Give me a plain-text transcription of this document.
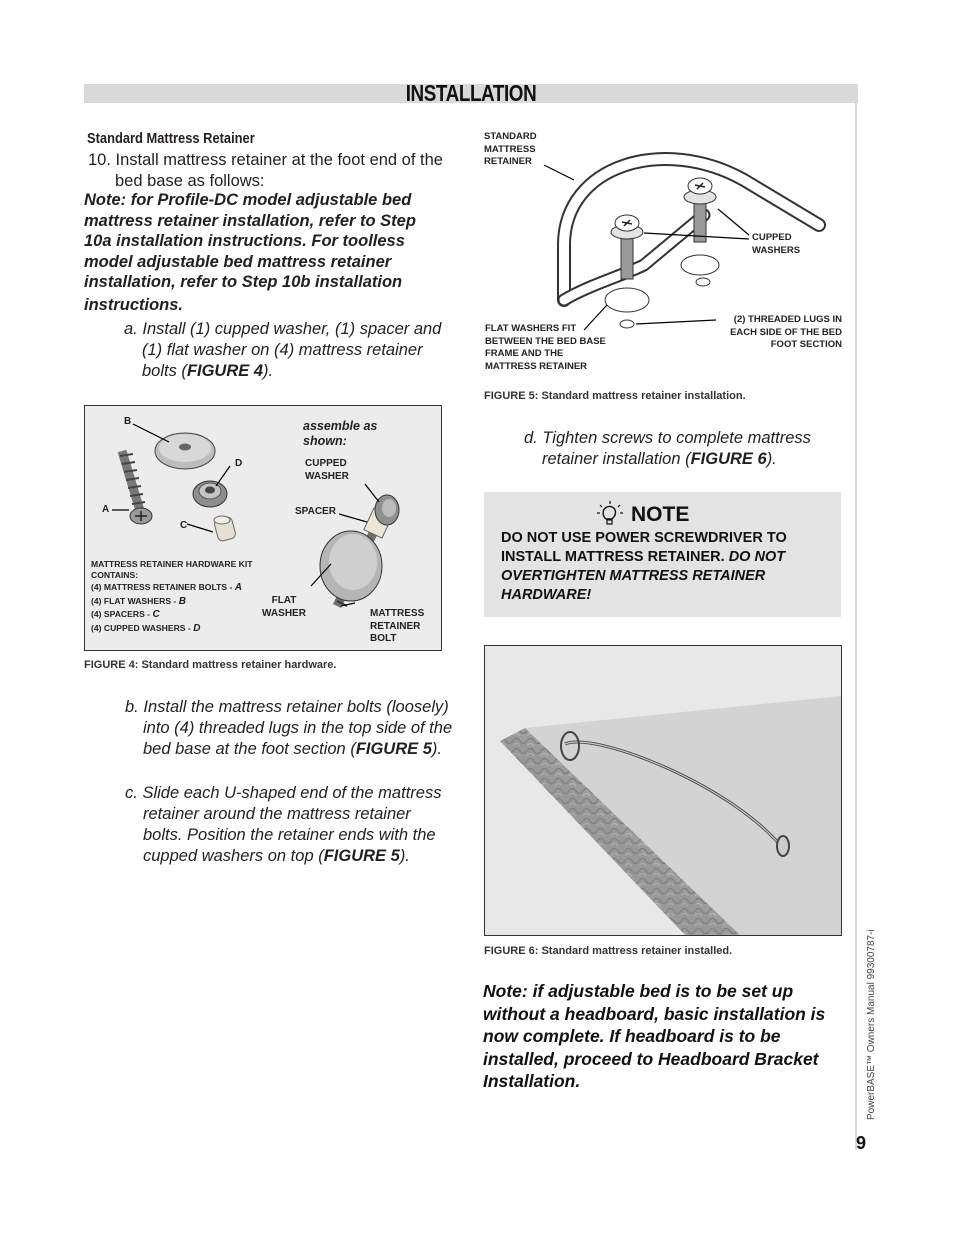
INSTALLATION
Standard Mattress Retainer
10. Install mattress retainer at the foot end of the bed base as follows:
Note: for Profile-DC model adjustable bed
mattress retainer installation, refer to Step
10a installation instructions. For toolless
model adjustable bed mattress retainer
installation, refer to Step 10b installation
instructions.
a. Install (1) cupped washer, (1) spacer and (1) flat washer on (4) mattress retainer bolts (FIGURE 4).
B
D
A
C
assemble as shown:
CUPPED WASHER
SPACER
FLAT WASHER	MATTRESS RETAINER BOLT
MATTRESS RETAINER HARDWARE KIT CONTAINS:
(4) MATTRESS RETAINER BOLTS - A
(4) FLAT WASHERS - B
(4) SPACERS - C
(4) CUPPED WASHERS - D
FIGURE 4: Standard mattress retainer hardware.
b. Install the mattress retainer bolts (loosely) into (4) threaded lugs in the top side of the bed base at the foot section (FIGURE 5).
c. Slide each U-shaped end of the mattress retainer around the mattress retainer bolts. Position the retainer ends with the cupped washers on top (FIGURE 5).
STANDARD MATTRESS RETAINER
CUPPED WASHERS
(2) THREADED LUGS IN EACH SIDE OF THE BED FOOT SECTION
FLAT WASHERS FIT BETWEEN THE BED BASE FRAME AND THE MATTRESS RETAINER
FIGURE 5: Standard mattress retainer installation.
d. Tighten screws to complete mattress retainer installation (FIGURE 6).
NOTE
DO NOT USE POWER SCREWDRIVER TO INSTALL MATTRESS RETAINER. DO NOT OVERTIGHTEN MATTRESS RETAINER HARDWARE!
FIGURE 6: Standard mattress retainer installed.
Note: if adjustable bed is to be set up without a headboard, basic installation is now complete. If headboard is to be installed, proceed to Headboard Bracket Installation.	PowerBASE™ Owners Manual 99300787-i
9
